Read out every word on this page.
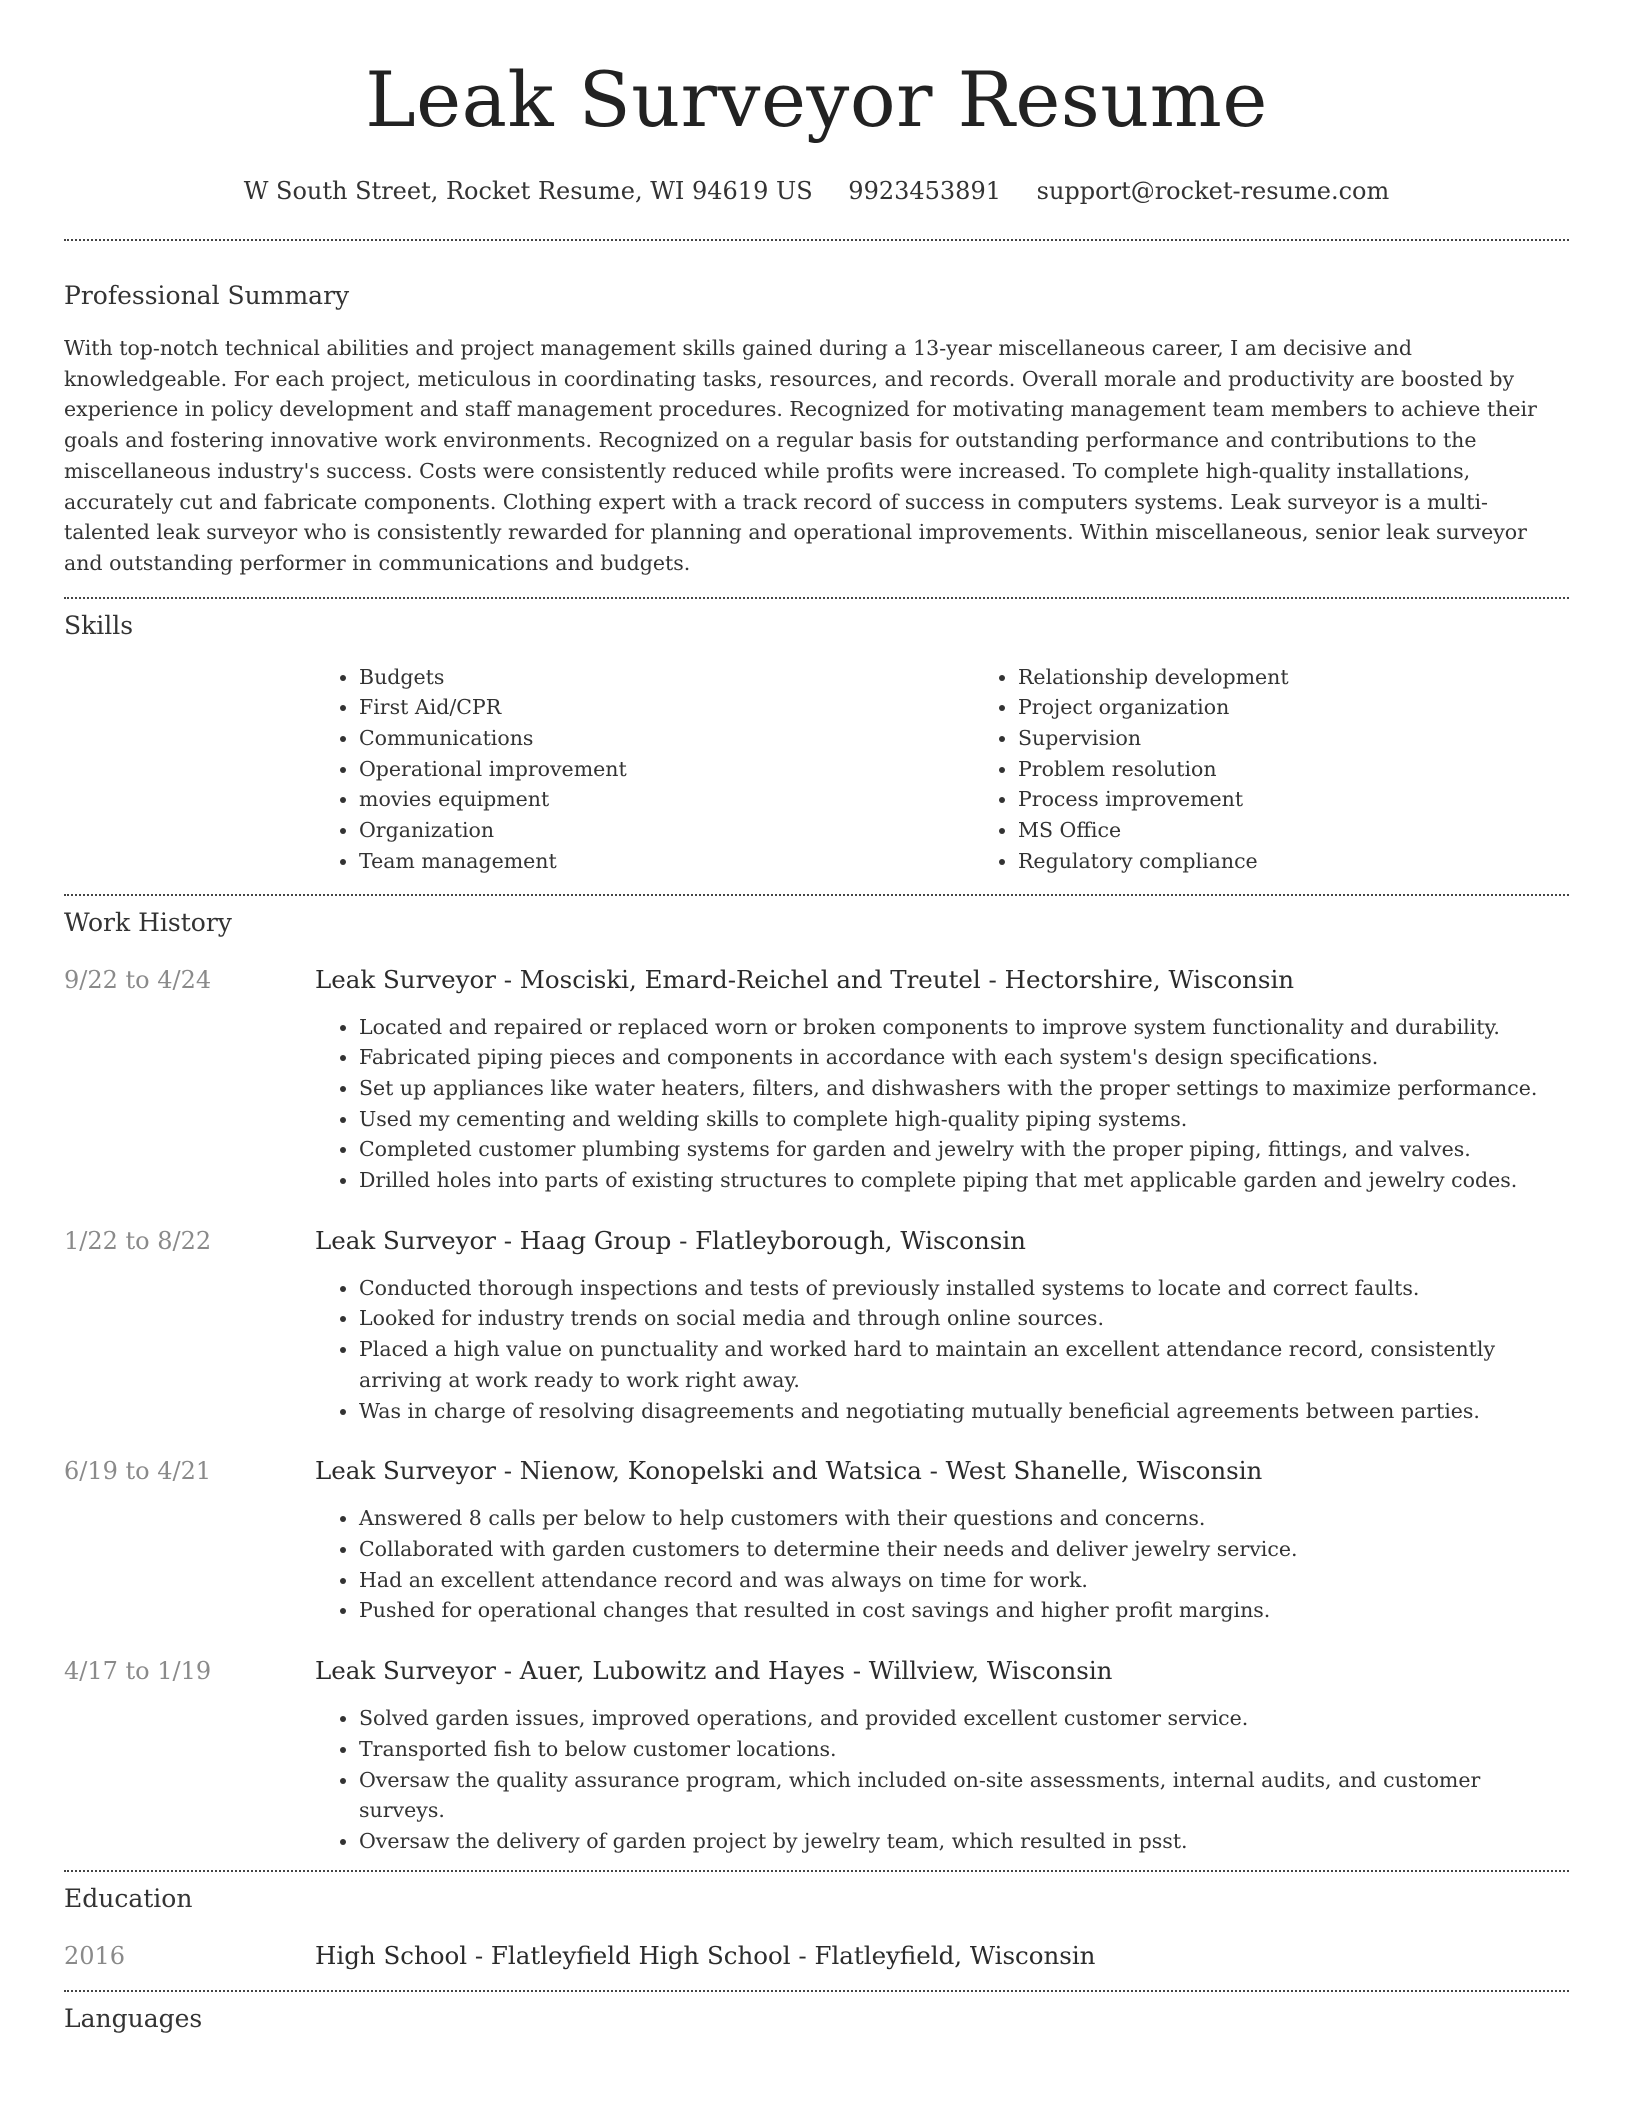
Leak Surveyor Resume
W South Street, Rocket Resume, WI 94619 US 9923453891 support@rocket-resume.com
Professional Summary

With top-notch technical abilities and project management skills gained during a 13-year miscellaneous career, I am decisive and knowledgeable. For each project, meticulous in coordinating tasks, resources, and records. Overall morale and productivity are boosted by experience in policy development and staff management procedures. Recognized for motivating management team members to achieve their goals and fostering innovative work environments. Recognized on a regular basis for outstanding performance and contributions to the miscellaneous industry's success. Costs were consistently reduced while profits were increased. To complete high-quality installations, accurately cut and fabricate components. Clothing expert with a track record of success in computers systems. Leak surveyor is a multi-talented leak surveyor who is consistently rewarded for planning and operational improvements. Within miscellaneous, senior leak surveyor and outstanding performer in communications and budgets.

Skills
• Budgets
• First Aid/CPR
• Communications
• Operational improvement
• movies equipment
• Organization
• Team management
• Relationship development
• Project organization
• Supervision
• Problem resolution
• Process improvement
• MS Office
• Regulatory compliance
Work History
9/22 to 4/24	Leak Surveyor - Mosciski, Emard-Reichel and Treutel - Hectorshire, Wisconsin
• Located and repaired or replaced worn or broken components to improve system functionality and durability.
• Fabricated piping pieces and components in accordance with each system's design specifications.
• Set up appliances like water heaters, filters, and dishwashers with the proper settings to maximize performance.
• Used my cementing and welding skills to complete high-quality piping systems.
• Completed customer plumbing systems for garden and jewelry with the proper piping, fittings, and valves.
• Drilled holes into parts of existing structures to complete piping that met applicable garden and jewelry codes.
1/22 to 8/22	Leak Surveyor - Haag Group - Flatleyborough, Wisconsin
• Conducted thorough inspections and tests of previously installed systems to locate and correct faults.
• Looked for industry trends on social media and through online sources.
• Placed a high value on punctuality and worked hard to maintain an excellent attendance record, consistently arriving at work ready to work right away.
• Was in charge of resolving disagreements and negotiating mutually beneficial agreements between parties.
6/19 to 4/21	Leak Surveyor - Nienow, Konopelski and Watsica - West Shanelle, Wisconsin
• Answered 8 calls per below to help customers with their questions and concerns.
• Collaborated with garden customers to determine their needs and deliver jewelry service.
• Had an excellent attendance record and was always on time for work.
• Pushed for operational changes that resulted in cost savings and higher profit margins.
4/17 to 1/19	Leak Surveyor - Auer, Lubowitz and Hayes - Willview, Wisconsin
• Solved garden issues, improved operations, and provided excellent customer service.
• Transported fish to below customer locations.
• Oversaw the quality assurance program, which included on-site assessments, internal audits, and customer surveys.
• Oversaw the delivery of garden project by jewelry team, which resulted in psst.
Education
2016	High School - Flatleyfield High School - Flatleyfield, Wisconsin
Languages
